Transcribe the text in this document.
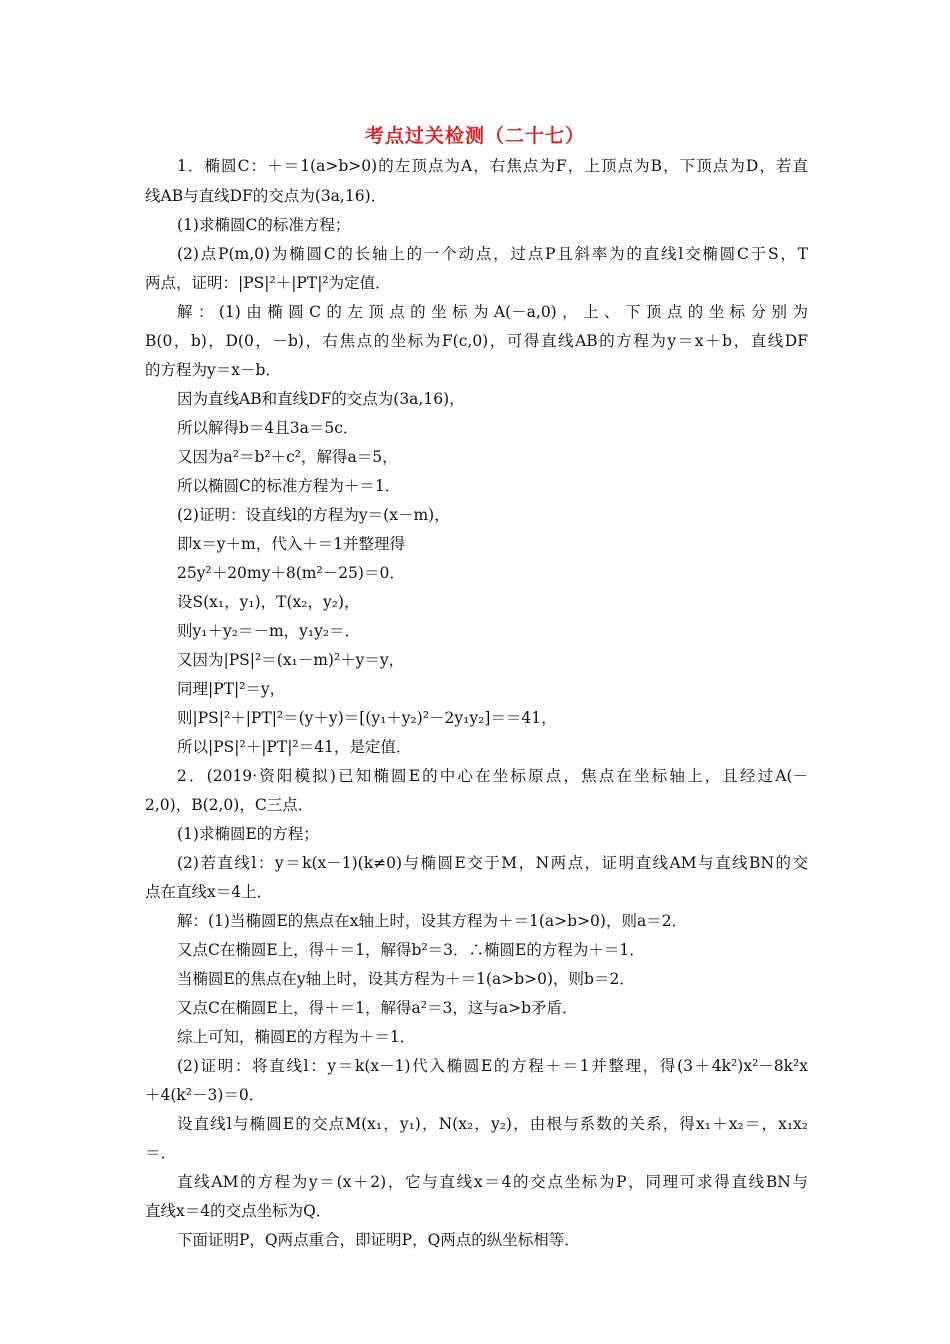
考点过关检测（二十七）
1．椭圆C：＋＝1(a>b>0)的左顶点为A，右焦点为F，上顶点为B，下顶点为D，若直
线AB与直线DF的交点为(3a,16)．
(1)求椭圆C的标准方程；
(2)点P(m,0)为椭圆C的长轴上的一个动点，过点P且斜率为的直线l交椭圆C于S，T
两点，证明：|PS|²＋|PT|²为定值．
解：(1)由椭圆C的左顶点的坐标为A(－a,0)，上、下顶点的坐标分别为
B(0，b)，D(0，－b)，右焦点的坐标为F(c,0)，可得直线AB的方程为y＝x＋b，直线DF
的方程为y＝x－b．
因为直线AB和直线DF的交点为(3a,16)，
所以解得b＝4且3a＝5c．
又因为a²＝b²＋c²，解得a＝5，
所以椭圆C的标准方程为＋＝1．
(2)证明：设直线l的方程为y＝(x－m)，
即x＝y＋m，代入＋＝1并整理得
25y²＋20my＋8(m²－25)＝0．
设S(x₁，y₁)，T(x₂，y₂)，
则y₁＋y₂＝－m，y₁y₂＝．
又因为|PS|²＝(x₁－m)²＋y＝y，
同理|PT|²＝y，
则|PS|²＋|PT|²＝(y＋y)＝[(y₁＋y₂)²－2y₁y₂]＝＝41，
所以|PS|²＋|PT|²＝41，是定值．
2．(2019·资阳模拟)已知椭圆E的中心在坐标原点，焦点在坐标轴上，且经过A(－
2,0)，B(2,0)，C三点．
(1)求椭圆E的方程；
(2)若直线l：y＝k(x－1)(k≠0)与椭圆E交于M，N两点，证明直线AM与直线BN的交
点在直线x＝4上．
解：(1)当椭圆E的焦点在x轴上时，设其方程为＋＝1(a>b>0)，则a＝2．
又点C在椭圆E上，得＋＝1，解得b²＝3．∴椭圆E的方程为＋＝1．
当椭圆E的焦点在y轴上时，设其方程为＋＝1(a>b>0)，则b＝2．
又点C在椭圆E上，得＋＝1，解得a²＝3，这与a>b矛盾．
综上可知，椭圆E的方程为＋＝1．
(2)证明：将直线l：y＝k(x－1)代入椭圆E的方程＋＝1并整理，得(3＋4k²)x²－8k²x
＋4(k²－3)＝0．
设直线l与椭圆E的交点M(x₁，y₁)，N(x₂，y₂)，由根与系数的关系，得x₁＋x₂＝，x₁x₂
＝．
直线AM的方程为y＝(x＋2)，它与直线x＝4的交点坐标为P，同理可求得直线BN与
直线x＝4的交点坐标为Q．
下面证明P，Q两点重合，即证明P，Q两点的纵坐标相等．
